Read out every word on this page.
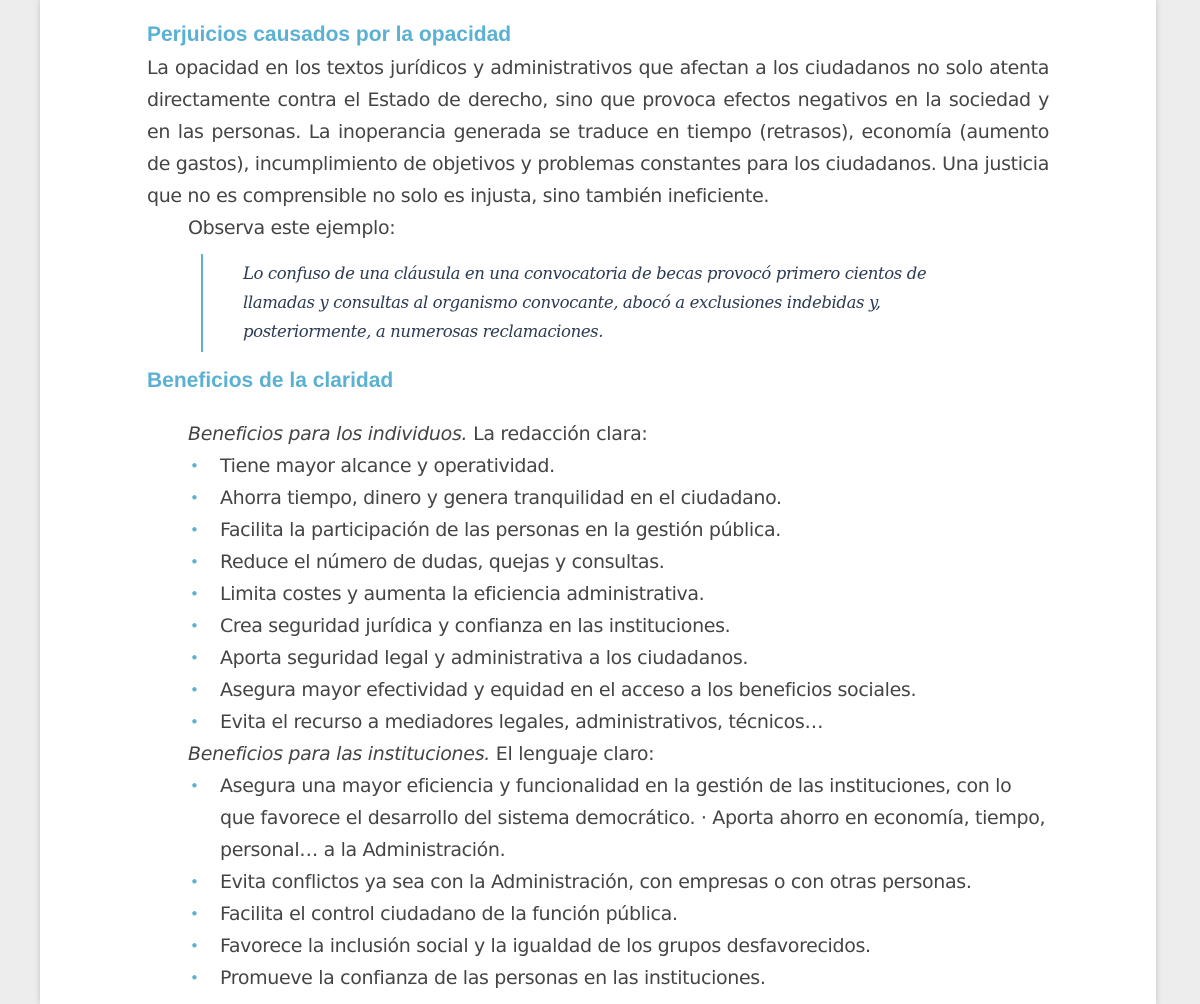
Perjuicios causados por la opacidad

La opacidad en los textos jurídicos y administrativos que afectan a los ciudadanos no solo atenta directamente contra el Estado de derecho, sino que provoca efectos negativos en la sociedad y en las personas. La inoperancia generada se traduce en tiempo (retrasos), economía (aumento de gastos), incumplimiento de objetivos y problemas constantes para los ciudadanos. Una justicia que no es comprensible no solo es injusta, sino también ineficiente.

Observa este ejemplo:

Lo confuso de una cláusula en una convocatoria de becas provocó primero cientos de llamadas y consultas al organismo convocante, abocó a exclusiones indebidas y, posteriormente, a numerosas reclamaciones.
Beneficios de la claridad
Beneficios para los individuos. La redacción clara:
• Tiene mayor alcance y operatividad.
• Ahorra tiempo, dinero y genera tranquilidad en el ciudadano.
• Facilita la participación de las personas en la gestión pública.
• Reduce el número de dudas, quejas y consultas.
• Limita costes y aumenta la eficiencia administrativa.
• Crea seguridad jurídica y confianza en las instituciones.
• Aporta seguridad legal y administrativa a los ciudadanos.
• Asegura mayor efectividad y equidad en el acceso a los beneficios sociales.
• Evita el recurso a mediadores legales, administrativos, técnicos…
Beneficios para las instituciones. El lenguaje claro:
• Asegura una mayor eficiencia y funcionalidad en la gestión de las instituciones, con lo que favorece el desarrollo del sistema democrático. · Aporta ahorro en economía, tiempo, personal… a la Administración.
• Evita conflictos ya sea con la Administración, con empresas o con otras personas.
• Facilita el control ciudadano de la función pública.
• Favorece la inclusión social y la igualdad de los grupos desfavorecidos.
• Promueve la confianza de las personas en las instituciones.
